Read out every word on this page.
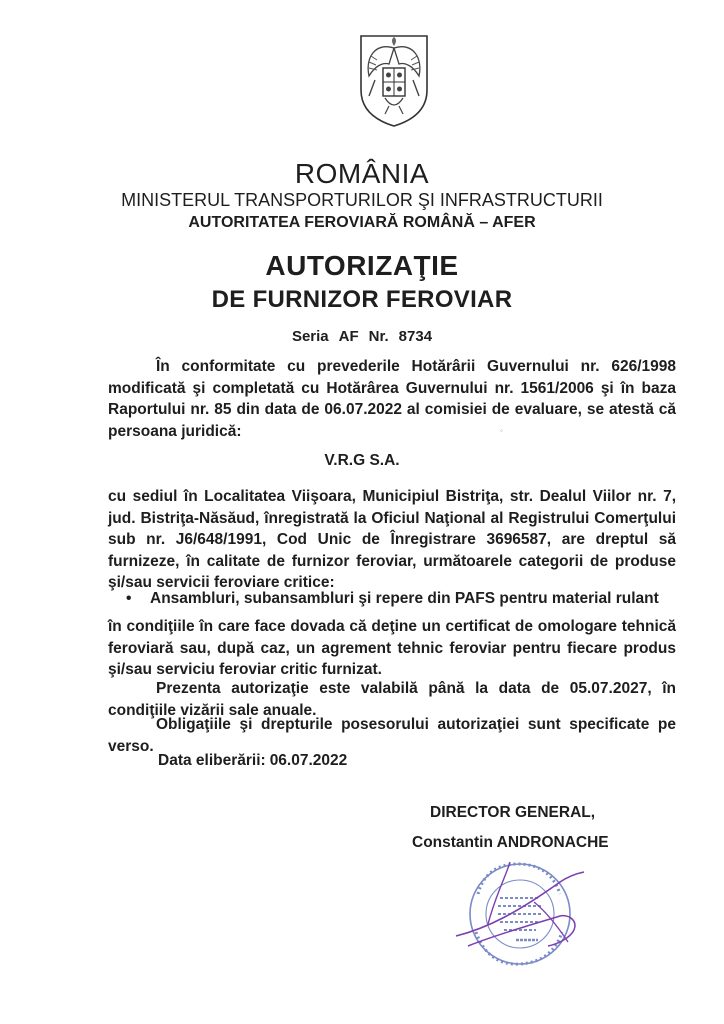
ROMÂNIA
MINISTERUL TRANSPORTURILOR ŞI INFRASTRUCTURII
AUTORITATEA FEROVIARĂ ROMÂNĂ – AFER
AUTORIZAŢIE
DE FURNIZOR FEROVIAR
Seria AF Nr. 8734
În conformitate cu prevederile Hotărârii Guvernului nr. 626/1998 modificată şi completată cu Hotărârea Guvernului nr. 1561/2006 şi în baza Raportului nr. 85 din data de 06.07.2022 al comisiei de evaluare, se atestă că persoana juridică:
V.R.G S.A.
cu sediul în Localitatea Viişoara, Municipiul Bistriţa, str. Dealul Viilor nr. 7, jud. Bistriţa-Năsăud, înregistrată la Oficiul Naţional al Registrului Comerţului sub nr. J6/648/1991, Cod Unic de Înregistrare 3696587, are dreptul să furnizeze, în calitate de furnizor feroviar, următoarele categorii de produse şi/sau servicii feroviare critice:
• Ansambluri, subansambluri şi repere din PAFS pentru material rulant
în condiţiile în care face dovada că deţine un certificat de omologare tehnică feroviară sau, după caz, un agrement tehnic feroviar pentru fiecare produs şi/sau serviciu feroviar critic furnizat.
Prezenta autorizaţie este valabilă până la data de 05.07.2027, în condiţiile vizării sale anuale.
Obligaţiile şi drepturile posesorului autorizaţiei sunt specificate pe verso.
Data eliberării: 06.07.2022
DIRECTOR GENERAL,
Constantin ANDRONACHE
◦
